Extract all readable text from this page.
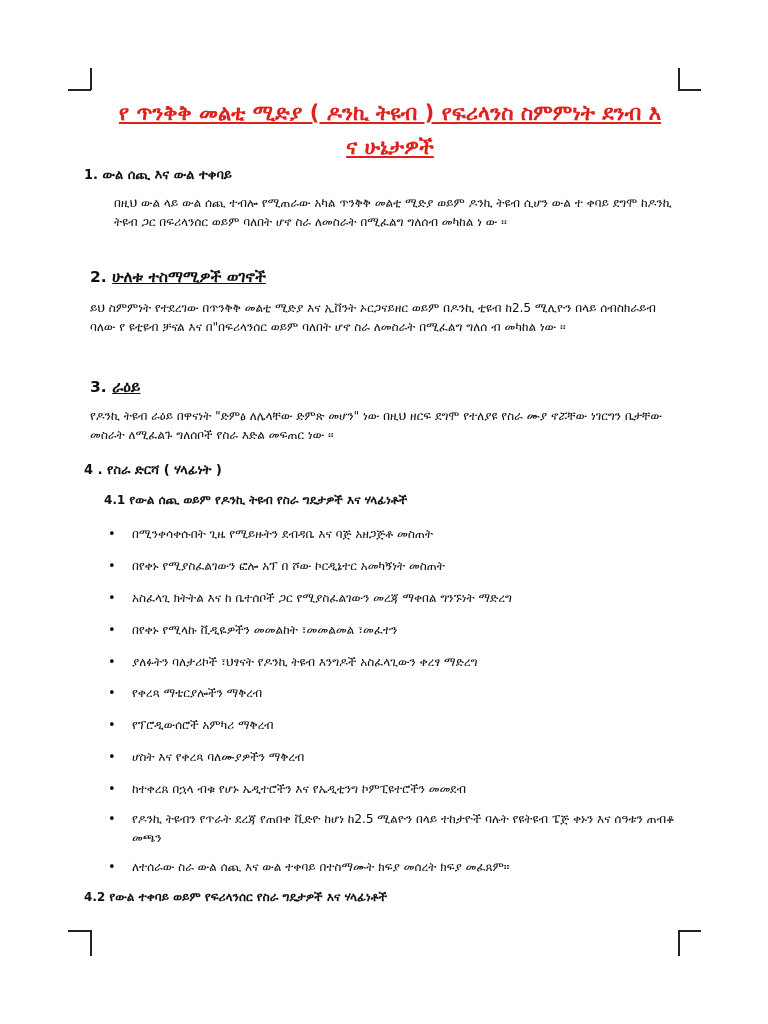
የ ጥንቅቅ መልቲ ሚድያ ( ዶንኪ ትዩብ ) የፍሪላንስ ስምምነት ደንብ እ
ና ሁኔታዎች
1. ውል ሰጪ እና ውል ተቀባይ
በዚህ ውል ላይ ውል ሰጪ ተብሎ የሚጠራው አካል ጥንቅቅ መልቲ ሚድያ ወይም ዶንኪ ትዩብ ሲሆን ውል ተ ቀባይ ደግሞ ከዶንኪ ትዩብ ጋር በፍሪላንሰር ወይም ባለበት ሆኖ ስራ ለመስራት በሚፈልግ ግለሰብ መካከል ነ ው ፡፡
2. ሁለቱ ተስማሚዎች ወገኖች
ይህ ስምምነት የተደረገው በጥንቅቅ መልቲ ሚድያ እና ኢቨንት ኦርጋናይዘር ወይም በዶንኪ ቲዩብ ከ2.5 ሚሊዮን በላይ ሰብስክራይብ ባለው የ ዩቲዩብ ቻናል እና በ"በፍሪላንሰር ወይም ባለበት ሆኖ ስራ ለመስራት በሚፈልግ ግለሰ ብ መካከል ነው ፡፡
3. ራዕይ
የዶንኪ ትዩብ ራዕይ በዋናነት "ድምፅ ለሌላቸው ድምጽ መሆን" ነው በዚህ ዘርፍ ደግሞ የተለያዩ የስራ ሙያ ኖሯቸው ነገርግን ቤታቸው መስራት ለሚፈልጉ ግለሰቦች የስራ እድል መፍጠር ነው ፡፡
4 . የስራ ድርሻ ( ሃላፊነት )
4.1 የውል ሰጪ ወይም የዶንኪ ትዩብ የስራ ግዴታዎች እና ሃላፊነቶች
• በሚንቀሳቀሱበት ጊዜ የሚይዙትን ደብዳቤ እና ባጅ አዘጋጅቶ መስጠት
• በየቀኑ የሚያስፈልገውን ፎሎ አፕ በ ሾው ኮርዲኔተር አመካኝነት መስጠት
• አስፈላጊ ክትትል እና ከ ቤተሰቦች ጋር የሚያስፈልገውን መረጃ ማቀበል ግንኙነት ማድረግ
• በየቀኑ የሚላኩ ቪዲዬዎችን መመልከት ፣መመልመል ፣መፈተን
• ያለፉትን ባለታሪኮች ፣ህፃናት የዶንኪ ትዩብ እንግዶች አስፈላጊውን ቀረፃ ማድረግ
• የቀረጻ ማቴርያሎችን ማቅረብ
• የፕሮዲውሰሮች አምካሪ ማቅረብ
• ሆስት እና የቀረጻ ባለሙያዎችን ማቅረብ
• ከተቀረጸ በኋላ ብቁ የሆኑ ኤዲተሮችን እና የኤዲቲንግ ኮምፒዩተሮችን መመደብ
• የዶንኪ ትዩብን የጥራት ደረጃ የጠበቀ ቪድዮ ከሆነ ከ2.5 ሚልዮን በላይ ተከታዮች ባሉት የዩትዩብ ፔጅ ቀኑን እና ሰዓቱን ጠብቆ መጫን
• ለተሰራው ስራ ውል ሰጪ እና ውል ተቀባይ በተስማሙት ክፍያ መሰረት ክፍያ መፈጸም።
4.2 የውል ተቀባይ ወይም የፍሪላንሰር የስራ ግዴታዎች እና ሃላፊነቶች
